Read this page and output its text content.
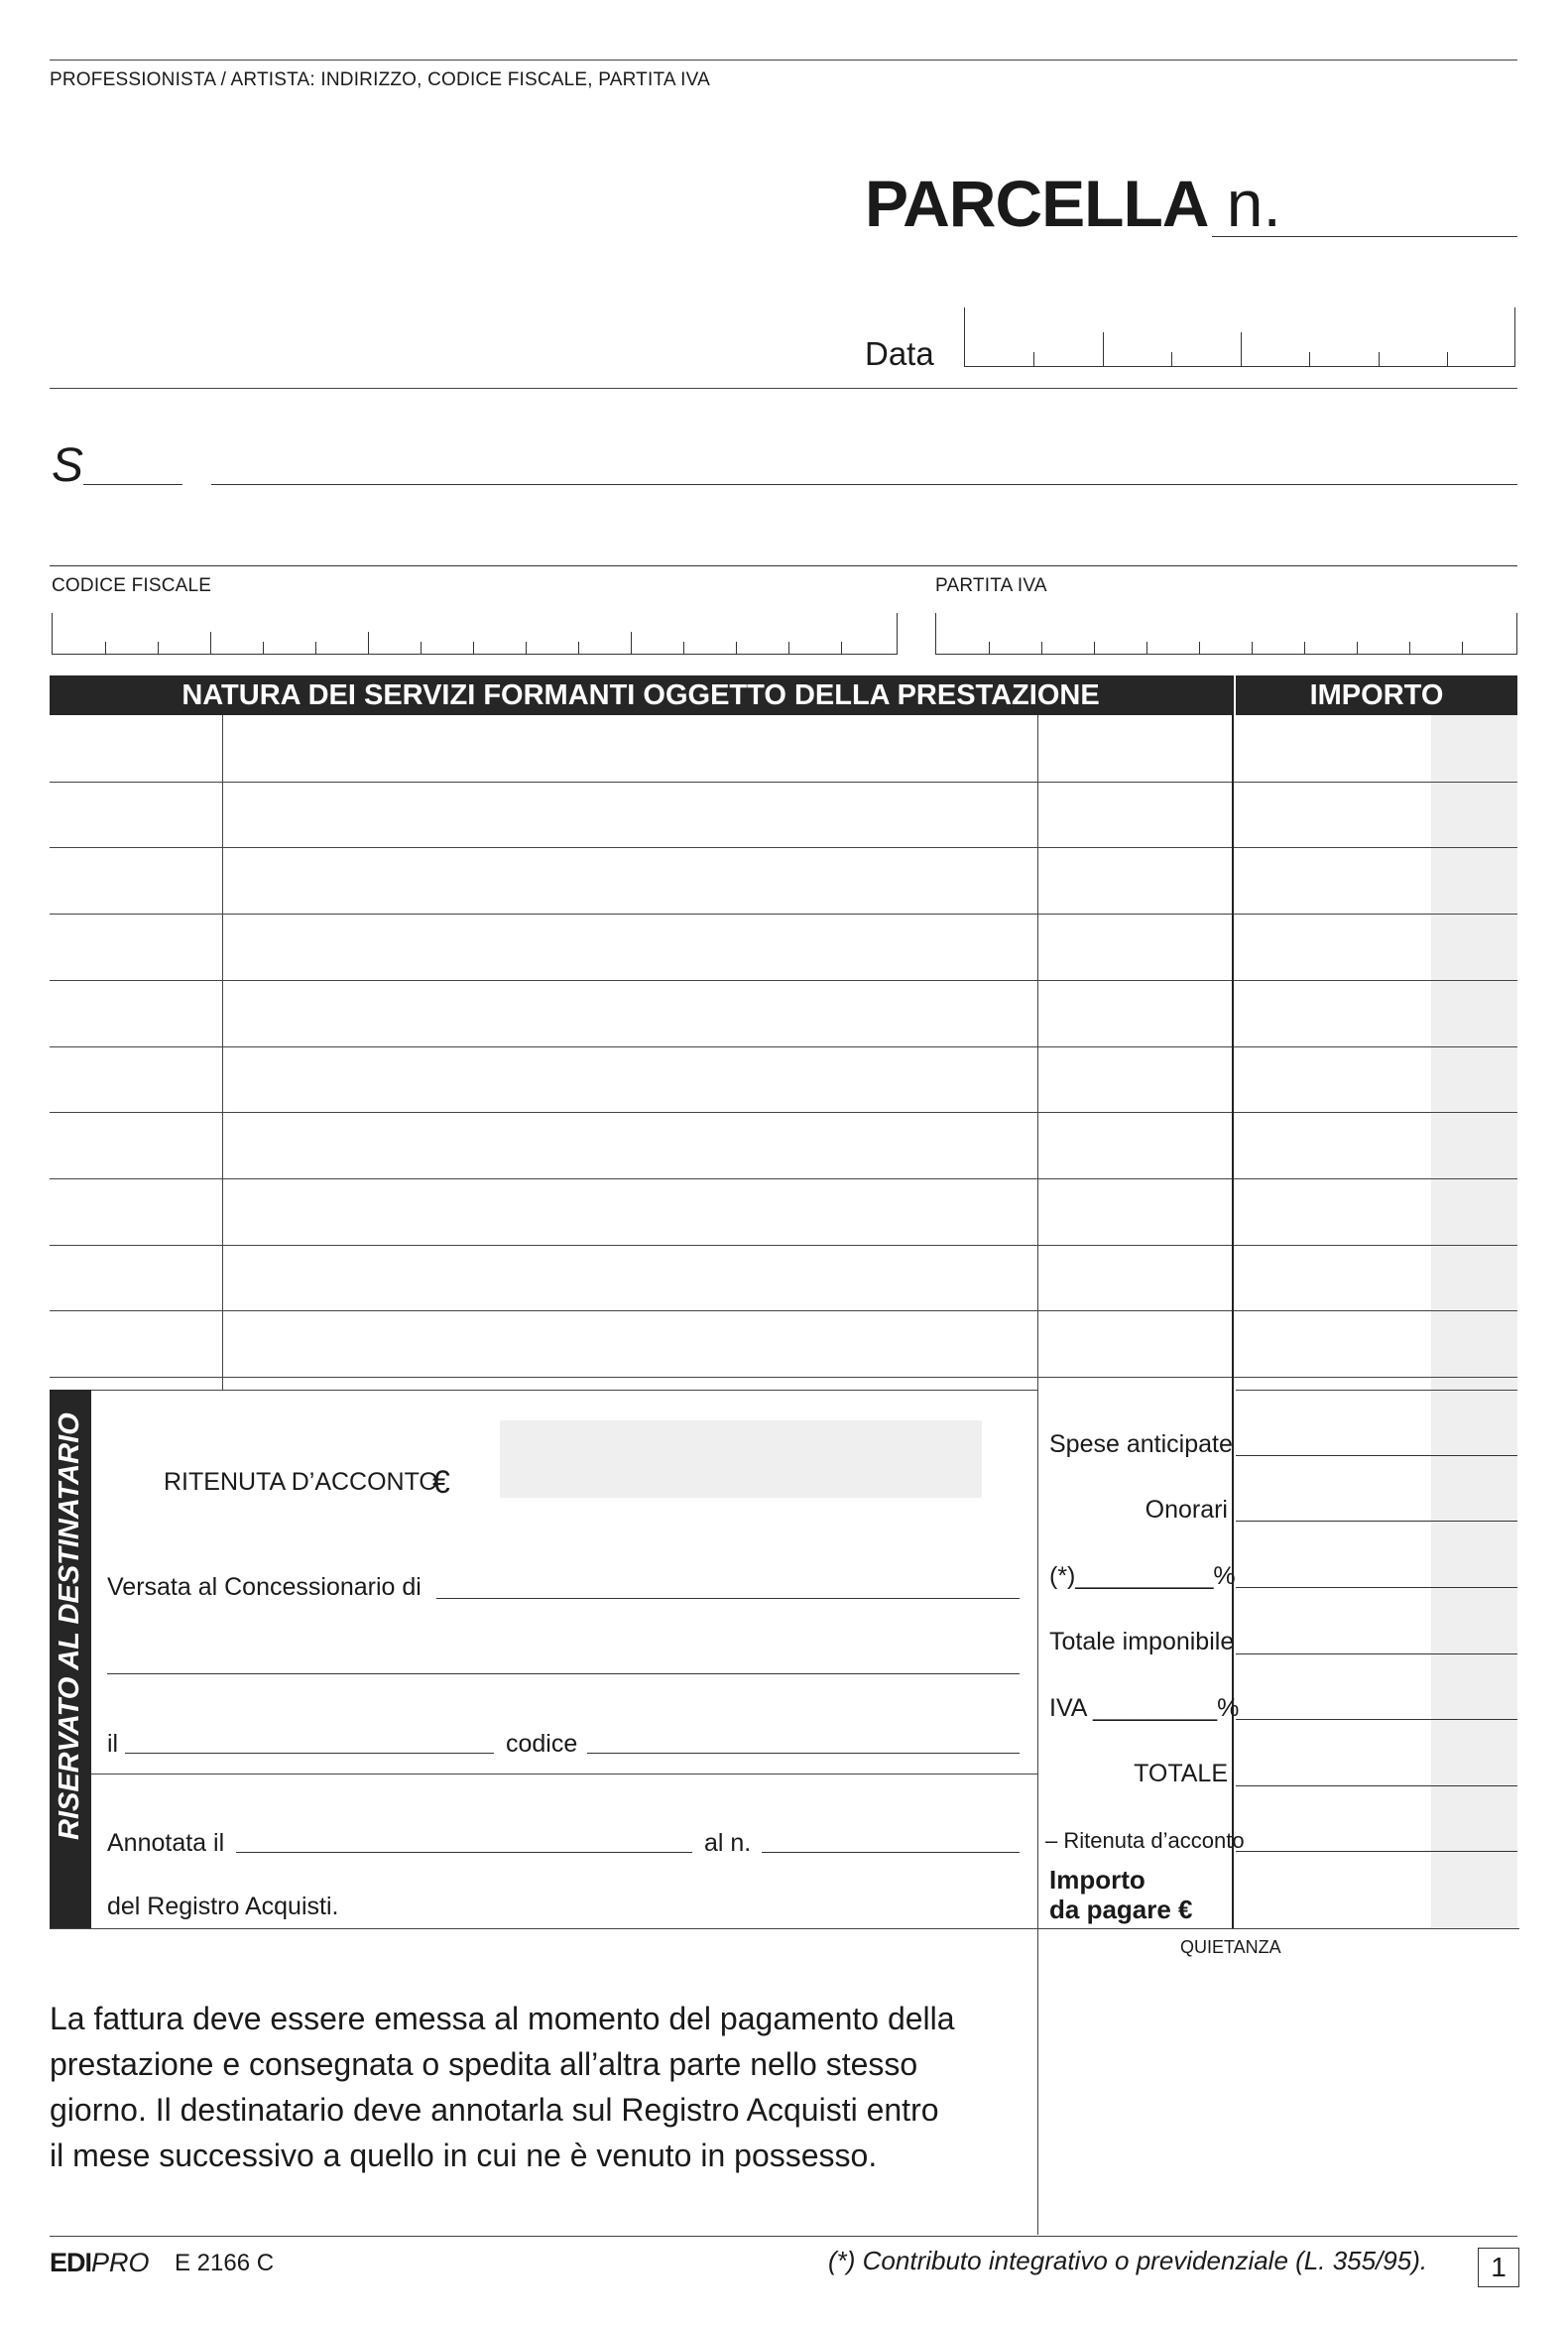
PROFESSIONISTA / ARTISTA: INDIRIZZO, CODICE FISCALE, PARTITA IVA
PARCELLA n.
Data
S
CODICE FISCALE	PARTITA IVA
NATURA DEI SERVIZI FORMANTI OGGETTO DELLA PRESTAZIONE	IMPORTO
RISERVATO AL DESTINATARIO	RITENUTA D’ACCONTO
€
Versata al Concessionario di
il	codice
Annotata il	al n.
del Registro Acquisti.
Spese anticipate
Onorari
(*)__________%
Totale imponibile
IVA _________%
TOTALE
– Ritenuta d’acconto
Importo
da pagare €
QUIETANZA
La fattura deve essere emessa al momento del pagamento della
prestazione e consegnata o spedita all’altra parte nello stesso
giorno. Il destinatario deve annotarla sul Registro Acquisti entro
il mese successivo a quello in cui ne è venuto in possesso.
EDIPRO E 2166 C	(*) Contributo integrativo o previdenziale (L. 355/95). 1
